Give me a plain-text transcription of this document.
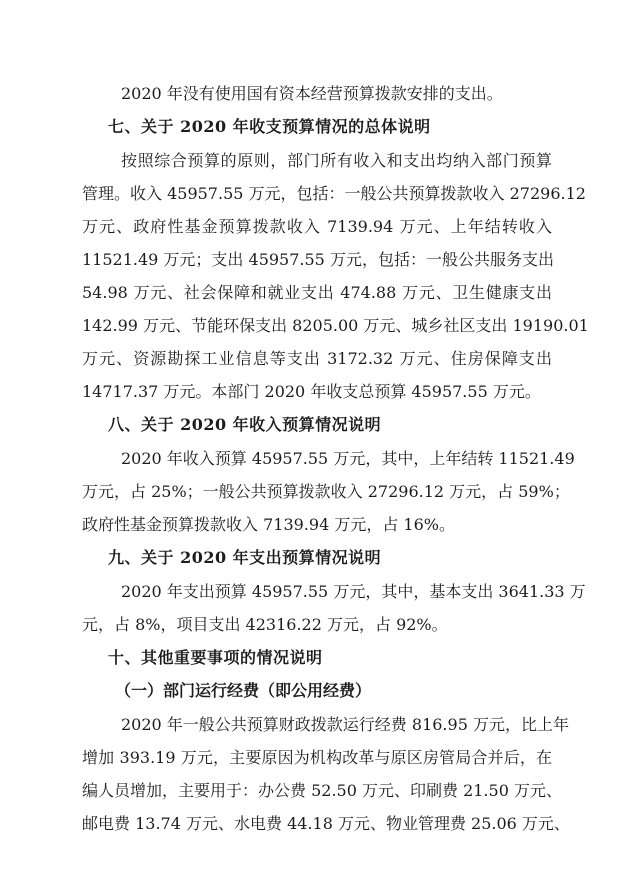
2020 年没有使用国有资本经营预算拨款安排的支出。
七、关于 2020 年收支预算情况的总体说明
按照综合预算的原则，部门所有收入和支出均纳入部门预算
管理。收入 45957.55 万元，包括：一般公共预算拨款收入 27296.12
万元、政府性基金预算拨款收入 7139.94 万元、上年结转收入
11521.49 万元；支出 45957.55 万元，包括：一般公共服务支出
54.98 万元、社会保障和就业支出 474.88 万元、卫生健康支出
142.99 万元、节能环保支出 8205.00 万元、城乡社区支出 19190.01
万元、资源勘探工业信息等支出 3172.32 万元、住房保障支出
14717.37 万元。本部门 2020 年收支总预算 45957.55 万元。
八、关于 2020 年收入预算情况说明
2020 年收入预算 45957.55 万元，其中，上年结转 11521.49
万元，占 25%；一般公共预算拨款收入 27296.12 万元，占 59%；
政府性基金预算拨款收入 7139.94 万元，占 16%。
九、关于 2020 年支出预算情况说明
2020 年支出预算 45957.55 万元，其中，基本支出 3641.33 万
元，占 8%，项目支出 42316.22 万元，占 92%。
十、其他重要事项的情况说明
（一）部门运行经费（即公用经费）
2020 年一般公共预算财政拨款运行经费 816.95 万元，比上年
增加 393.19 万元，主要原因为机构改革与原区房管局合并后，在
编人员增加，主要用于：办公费 52.50 万元、印刷费 21.50 万元、
邮电费 13.74 万元、水电费 44.18 万元、物业管理费 25.06 万元、
